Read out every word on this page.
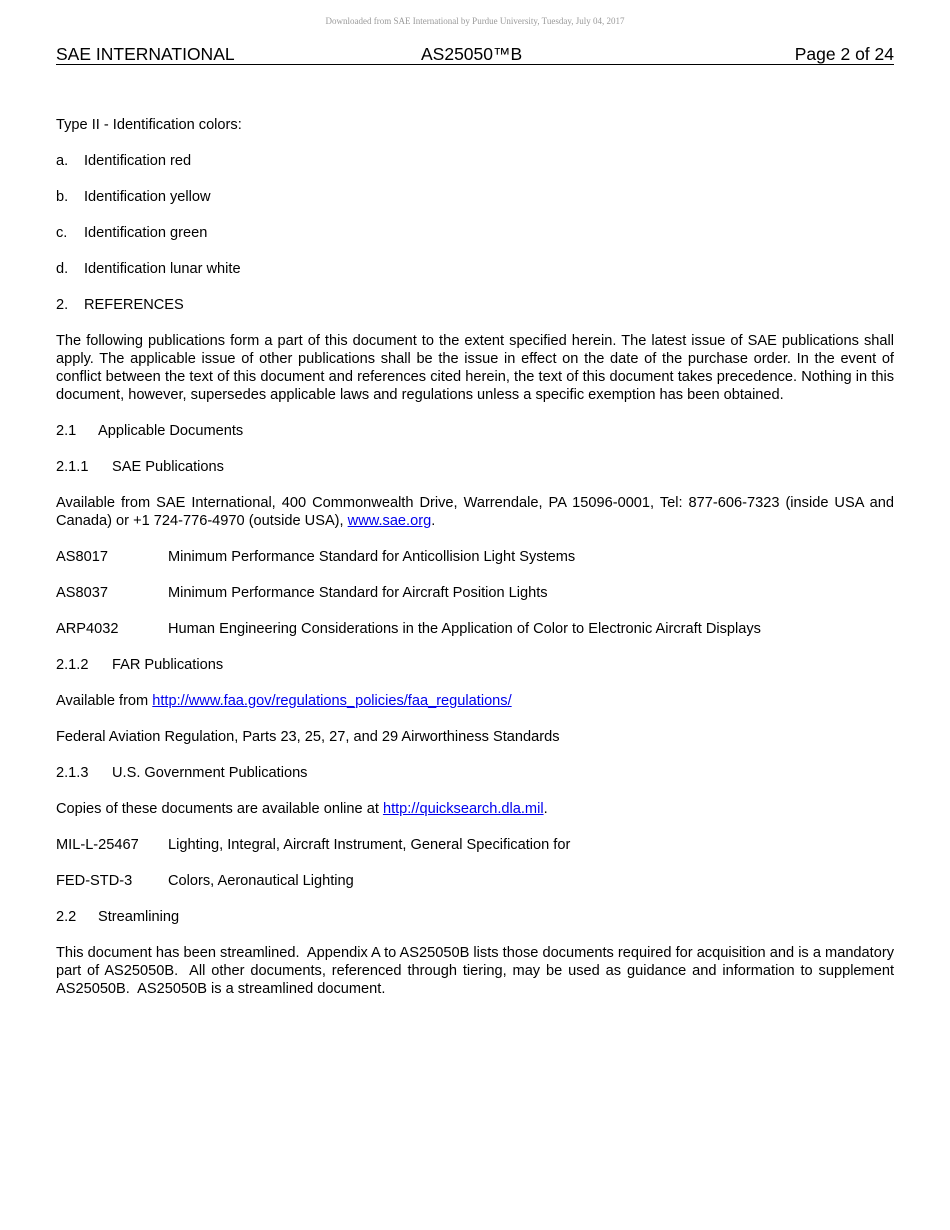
Downloaded from SAE International by Purdue University, Tuesday, July 04, 2017
SAE INTERNATIONAL	AS25050™B	Page 2 of 24

Type II - Identification colors:

a. Identification red

b. Identification yellow

c. Identification green

d. Identification lunar white

2. REFERENCES

The following publications form a part of this document to the extent specified herein. The latest issue of SAE publications shall apply. The applicable issue of other publications shall be the issue in effect on the date of the purchase order. In the event of conflict between the text of this document and references cited herein, the text of this document takes precedence. Nothing in this document, however, supersedes applicable laws and regulations unless a specific exemption has been obtained.

2.1 Applicable Documents

2.1.1 SAE Publications

Available from SAE International, 400 Commonwealth Drive, Warrendale, PA 15096-0001, Tel: 877-606-7323 (inside USA and Canada) or +1 724-776-4970 (outside USA), www.sae.org.

AS8017	Minimum Performance Standard for Anticollision Light Systems

AS8037	Minimum Performance Standard for Aircraft Position Lights

ARP4032	Human Engineering Considerations in the Application of Color to Electronic Aircraft Displays

2.1.2 FAR Publications

Available from http://www.faa.gov/regulations_policies/faa_regulations/

Federal Aviation Regulation, Parts 23, 25, 27, and 29 Airworthiness Standards

2.1.3 U.S. Government Publications

Copies of these documents are available online at http://quicksearch.dla.mil.

MIL-L-25467 Lighting, Integral, Aircraft Instrument, General Specification for

FED-STD-3 Colors, Aeronautical Lighting

2.2 Streamlining

This document has been streamlined.  Appendix A to AS25050B lists those documents required for acquisition and is a mandatory part of AS25050B.  All other documents, referenced through tiering, may be used as guidance and information to supplement AS25050B.  AS25050B is a streamlined document.
